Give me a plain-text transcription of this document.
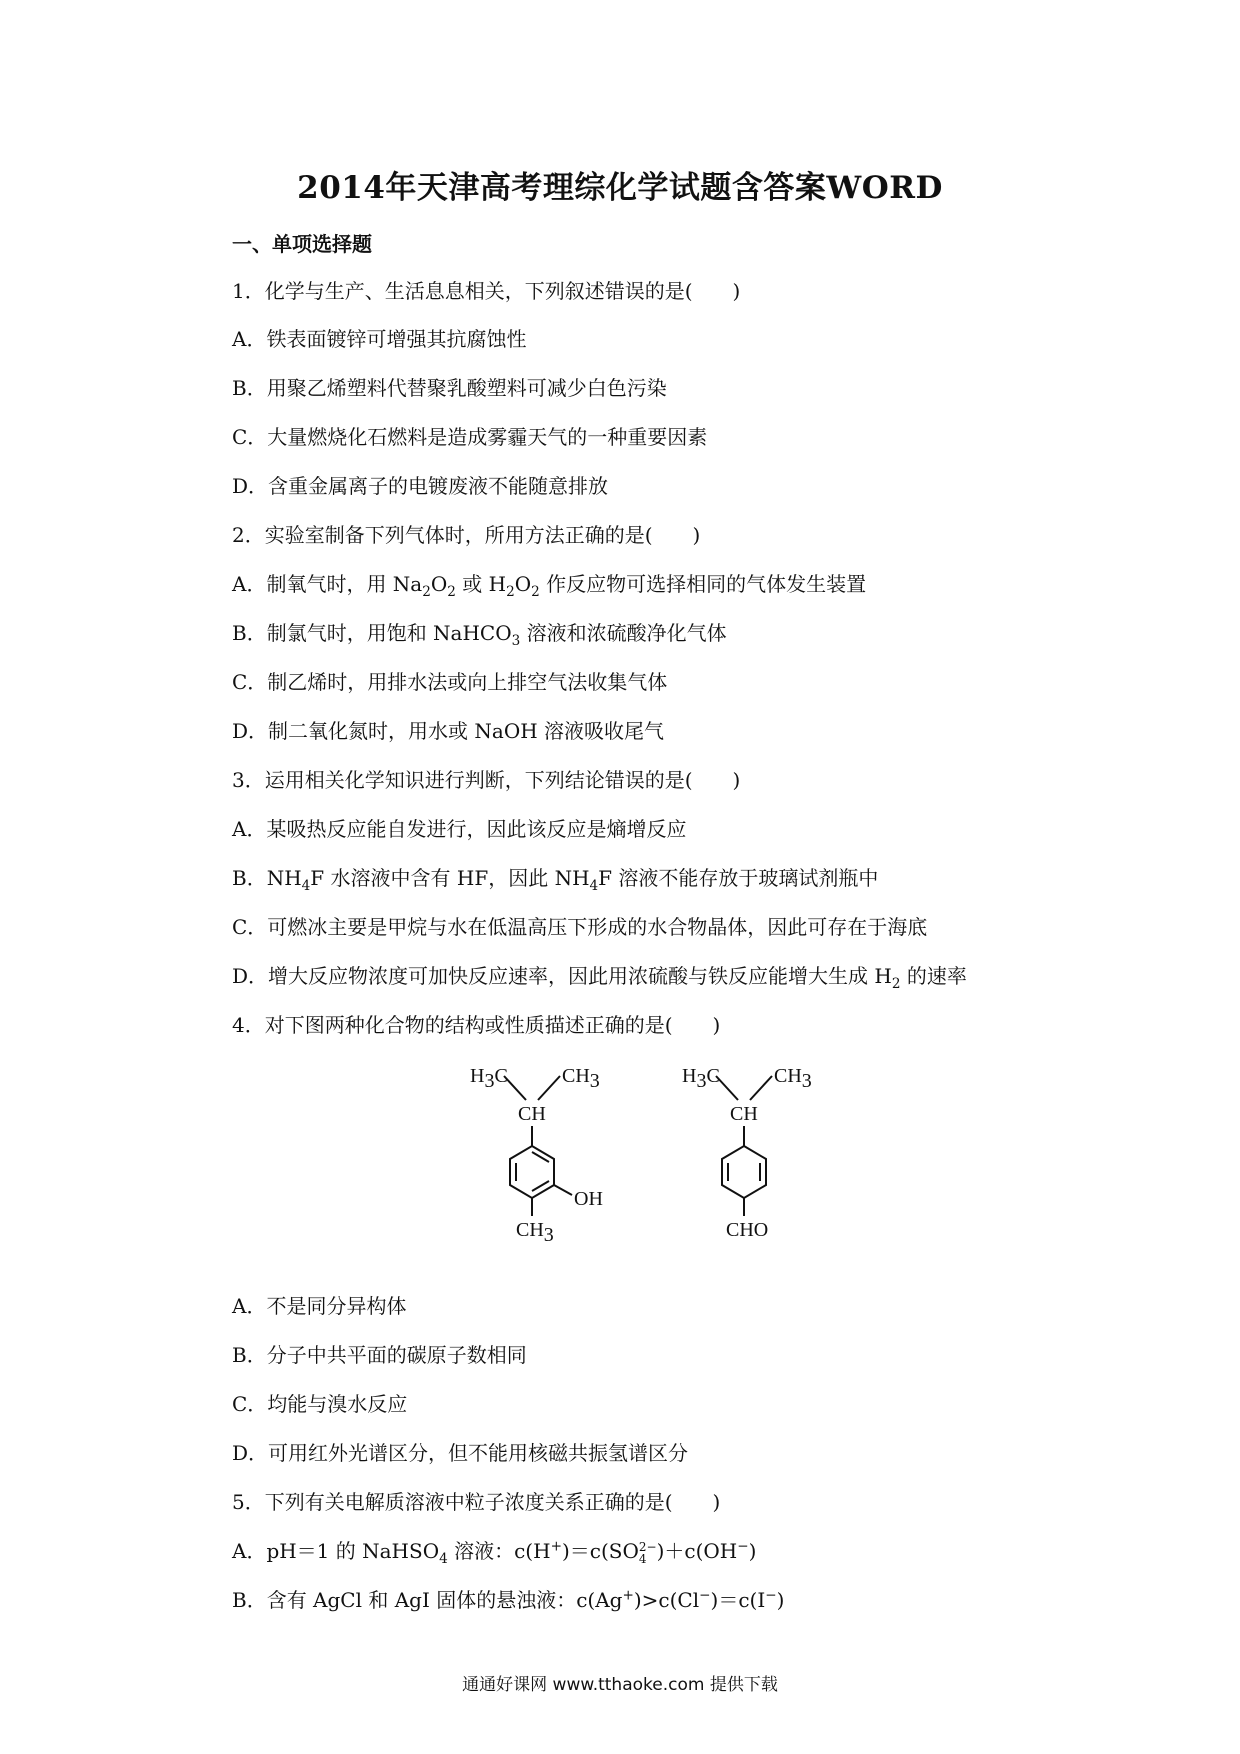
2014年天津高考理综化学试题含答案WORD
一、单项选择题
1．化学与生产、生活息息相关，下列叙述错误的是(　　)
A．铁表面镀锌可增强其抗腐蚀性
B．用聚乙烯塑料代替聚乳酸塑料可减少白色污染
C．大量燃烧化石燃料是造成雾霾天气的一种重要因素
D．含重金属离子的电镀废液不能随意排放
2．实验室制备下列气体时，所用方法正确的是(　　)
A．制氧气时，用 $Na_2O_2$ 或 $H_2O_2$ 作反应物可选择相同的气体发生装置
B．制氯气时，用饱和 NaHCO$_3$ 溶液和浓硫酸净化气体
C．制乙烯时，用排水法或向上排空气法收集气体
D．制二氧化氮时，用水或 NaOH 溶液吸收尾气
3．运用相关化学知识进行判断，下列结论错误的是(　　)
A．某吸热反应能自发进行，因此该反应是熵增反应
B．$NH_4F$ 水溶液中含有 HF，因此 $NH_4F$ 溶液不能存放于玻璃试剂瓶中
C．可燃冰主要是甲烷与水在低温高压下形成的水合物晶体，因此可存在于海底
D．增大反应物浓度可加快反应速率，因此用浓硫酸与铁反应能增大生成 $H_2$ 的速率
4．对下图两种化合物的结构或性质描述正确的是(　　)
H3C	CH3
CH
OH
CH3
H3C	CH3
CH
CHO
A．不是同分异构体
B．分子中共平面的碳原子数相同
C．均能与溴水反应
D．可用红外光谱区分，但不能用核磁共振氢谱区分
5．下列有关电解质溶液中粒子浓度关系正确的是(　　)
A．pH＝1 的 NaHSO$_4$ 溶液：c(H+)＝c(SO 2−
4 )＋c(OH−)
B．含有 AgCl 和 AgI 固体的悬浊液：c(Ag+)>c(Cl−)＝c(I−)
通通好课网 www.tthaoke.com 提供下载
